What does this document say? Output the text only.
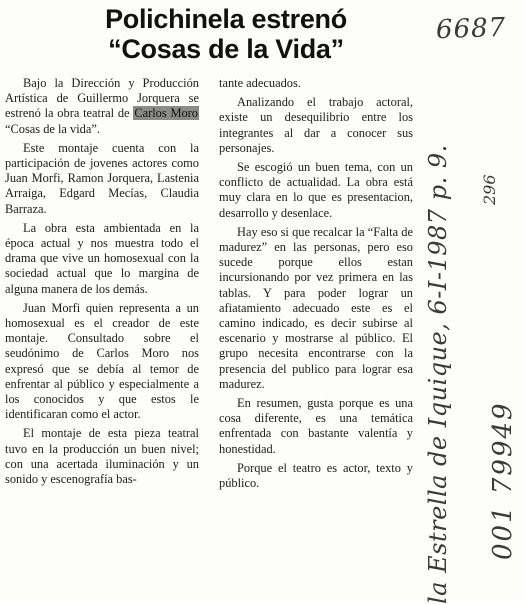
Polichinela estrenó
“Cosas de la Vida”

Bajo la Dirección y Producción Artística de Guillermo Jorquera se estrenó la obra teatral de Carlos Moro “Cosas de la vida”.

Este montaje cuenta con la participación de jovenes actores como Juan Morfi, Ramon Jorquera, Lastenia Arraiga, Edgard Mecías, Claudia Barraza.

La obra esta ambientada en la época actual y nos muestra todo el drama que vive un homosexual con la sociedad actual que lo margina de alguna manera de los demás.

Juan Morfi quien representa a un homosexual es el creador de este montaje. Consultado sobre el seudónimo de Carlos Moro nos expresó que se debía al temor de enfrentar al público y especialmente a los conocidos y que estos le identificaran como el actor.

El montaje de esta pieza teatral tuvo en la producción un buen nivel; con una acertada iluminación y un sonido y escenografía bas-

tante adecuados.

Analizando el trabajo actoral, existe un desequilibrio entre los integrantes al dar a conocer sus personajes.

Se escogió un buen tema, con un conflicto de actualidad. La obra está muy clara en lo que es presentacion, desarrollo y desenlace.

Hay eso si que recalcar la “Falta de madurez” en las personas, pero eso sucede porque ellos estan incursionando por vez primera en las tablas. Y para poder lograr un afiatamiento adecuado este es el camino indicado, es decir subirse al escenario y mostrarse al público. El grupo necesita encontrarse con la presencia del publico para lograr esa madurez.

En resumen, gusta porque es una cosa diferente, es una temática enfrentada con bastante valentía y honestidad.

Porque el teatro es actor, texto y público.

6687
296
la Estrella de Iquique, 6-I-1987 p. 9.
001 79949
